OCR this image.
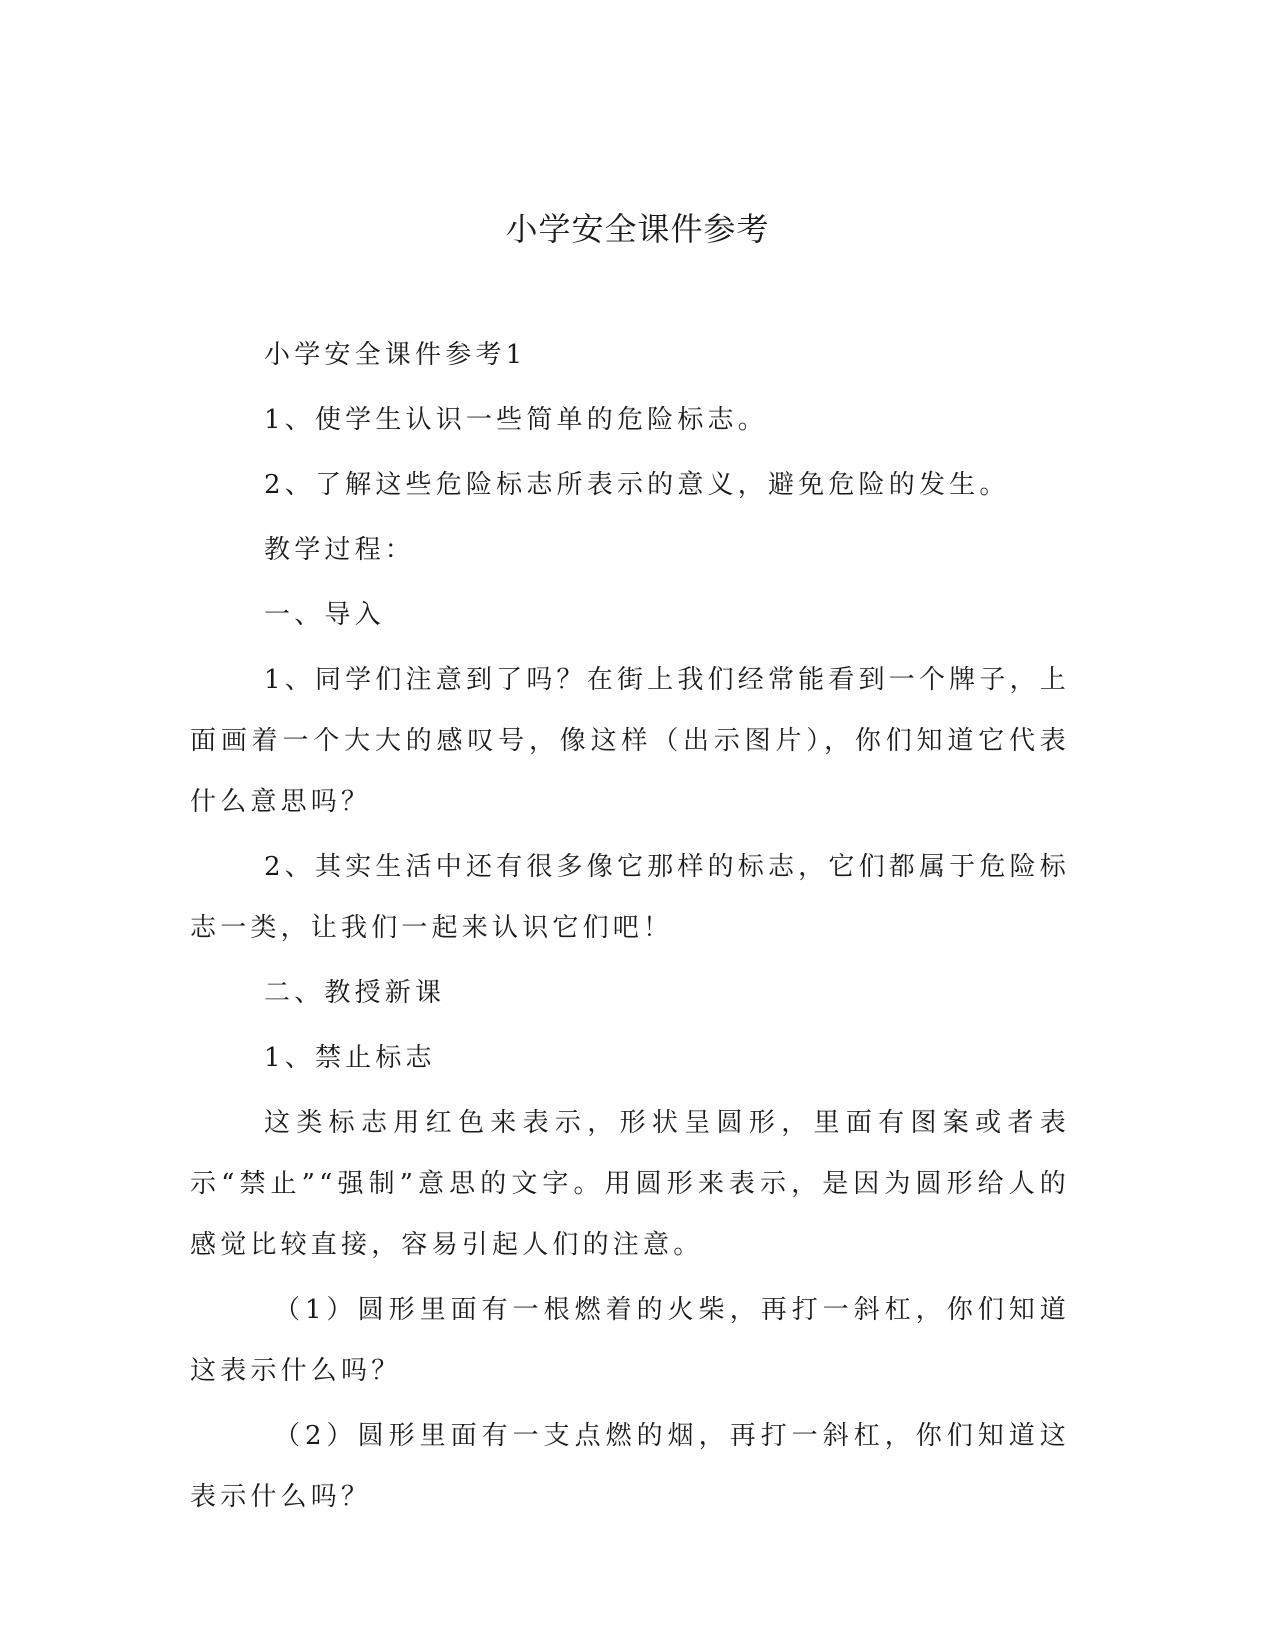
小学安全课件参考

小学安全课件参考1

1、使学生认识一些简单的危险标志。

2、了解这些危险标志所表示的意义，避免危险的发生。

教学过程：

一、导入

1、同学们注意到了吗？在街上我们经常能看到一个牌子，上面画着一个大大的感叹号，像这样（出示图片），你们知道它代表什么意思吗？

2、其实生活中还有很多像它那样的标志，它们都属于危险标志一类，让我们一起来认识它们吧！

二、教授新课

1、禁止标志

这类标志用红色来表示，形状呈圆形，里面有图案或者表示“禁止”“强制”意思的文字。用圆形来表示，是因为圆形给人的感觉比较直接，容易引起人们的注意。

（1）圆形里面有一根燃着的火柴，再打一斜杠，你们知道这表示什么吗？

（2）圆形里面有一支点燃的烟，再打一斜杠，你们知道这表示什么吗？
